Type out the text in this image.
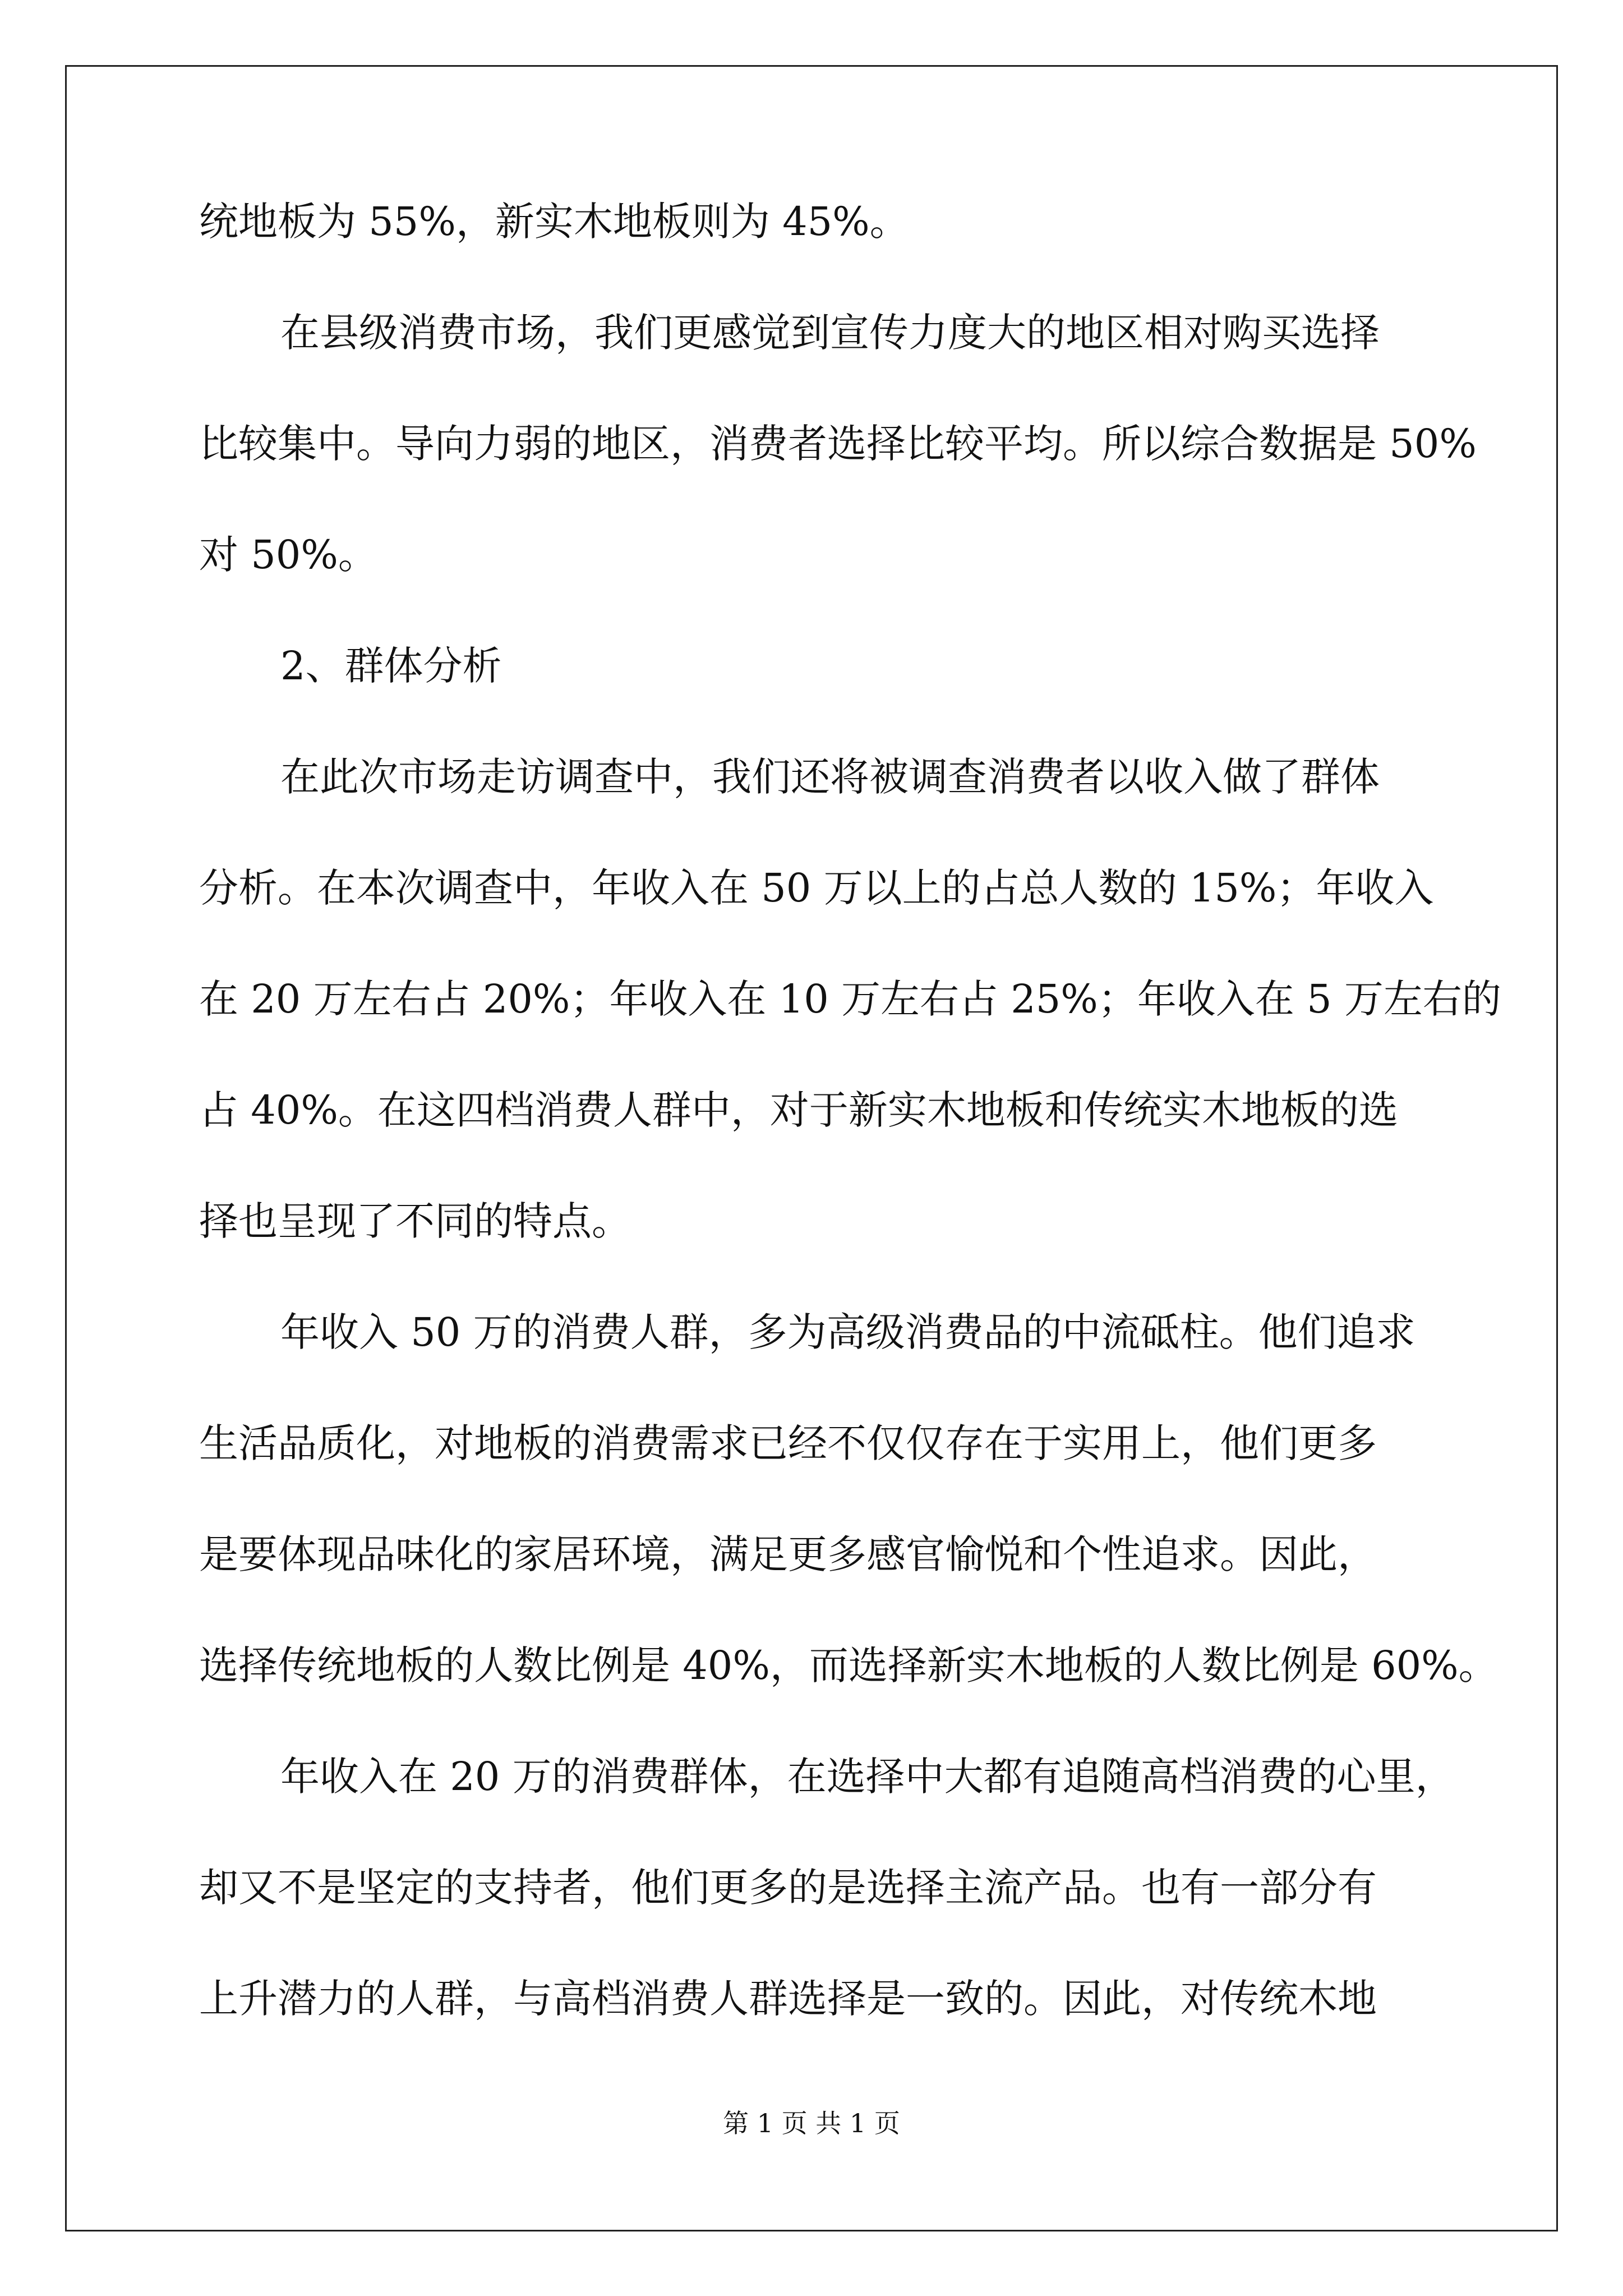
统地板为 55%，新实木地板则为 45%。
在县级消费市场，我们更感觉到宣传力度大的地区相对购买选择
比较集中。导向力弱的地区，消费者选择比较平均。所以综合数据是 50%
对 50%。
2、群体分析
在此次市场走访调查中，我们还将被调查消费者以收入做了群体
分析。在本次调查中，年收入在 50 万以上的占总人数的 15%；年收入
在 20 万左右占 20%；年收入在 10 万左右占 25%；年收入在 5 万左右的
占 40%。在这四档消费人群中，对于新实木地板和传统实木地板的选
择也呈现了不同的特点。
年收入 50 万的消费人群，多为高级消费品的中流砥柱。他们追求
生活品质化，对地板的消费需求已经不仅仅存在于实用上，他们更多
是要体现品味化的家居环境，满足更多感官愉悦和个性追求。因此，
选择传统地板的人数比例是 40%，而选择新实木地板的人数比例是 60%。
年收入在 20 万的消费群体，在选择中大都有追随高档消费的心里，
却又不是坚定的支持者，他们更多的是选择主流产品。也有一部分有
上升潜力的人群，与高档消费人群选择是一致的。因此，对传统木地
第 1 页 共 1 页
